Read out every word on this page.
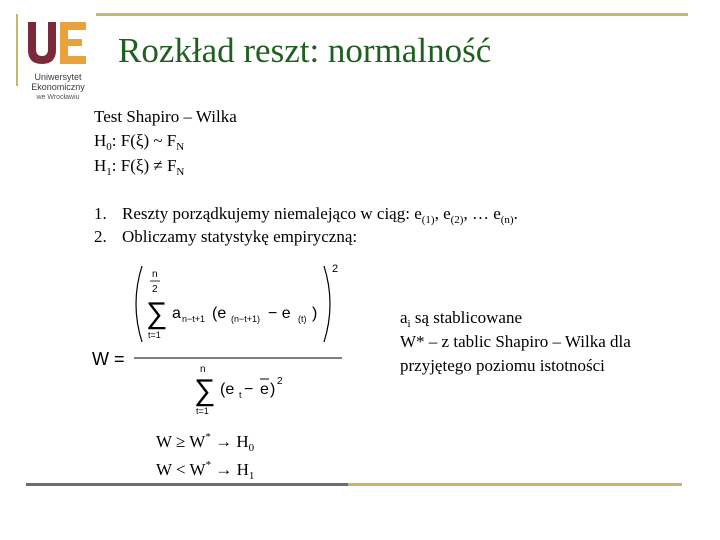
Uniwersytet
Ekonomiczny
we Wrocławiu
Rozkład reszt: normalność
Test Shapiro – Wilka
$H_0$: F(ξ) ~ $F_N$
$H_1$: $F(\xi) \ne F_N$
1. Reszty porządkujemy niemalejąco w ciąg: $e_{(1)}$, $e_{(2)}$, … $e_{(n)}$.
2. Obliczamy statystykę empiryczną:
W =
2
n
2
∑
t=1
a n−t+1 (e (n−t+1) − e (t) )
n
∑
t=1
(e t − e ) 2
$a_i$ są stablicowane
W* – z tablic Shapiro – Wilka dla
przyjętego poziomu istotności
$W \ge W^* \to H_0$
$W < W^* \to H_1$
